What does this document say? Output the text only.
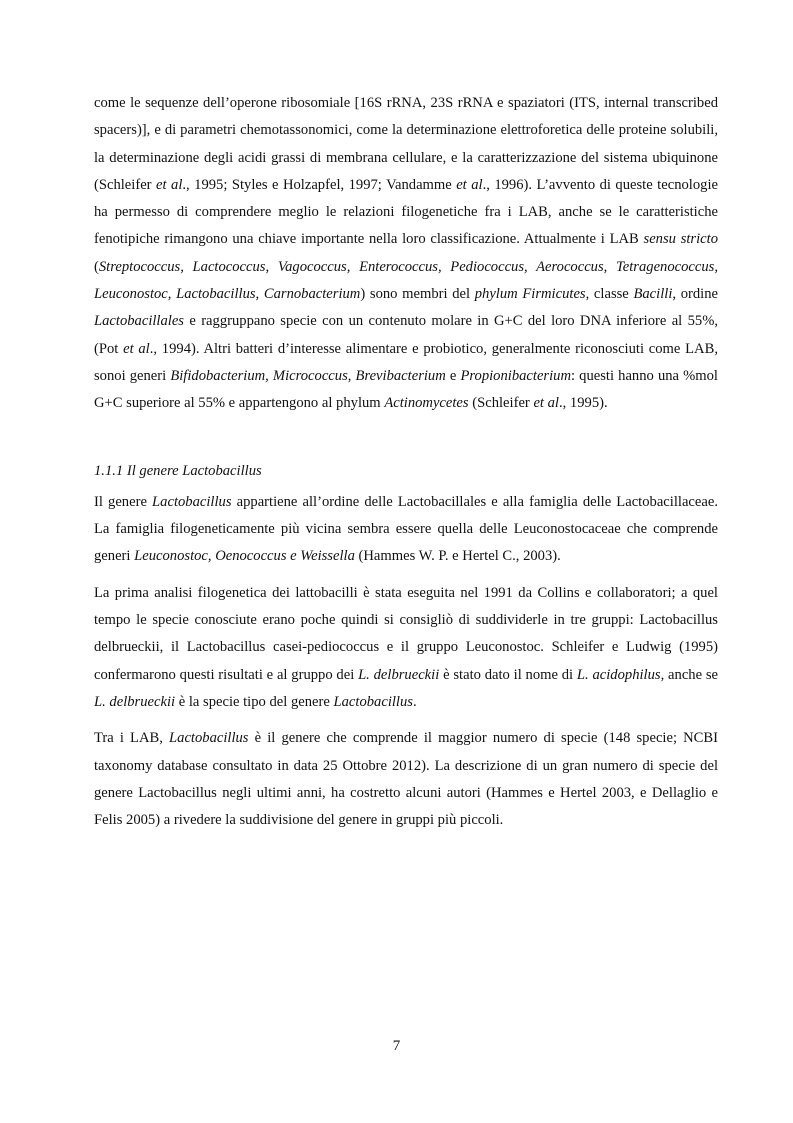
come le sequenze dell’operone ribosomiale [16S rRNA, 23S rRNA e spaziatori (ITS, internal transcribed spacers)], e di parametri chemotassonomici, come la determinazione elettroforetica delle proteine solubili, la determinazione degli acidi grassi di membrana cellulare, e la caratterizzazione del sistema ubiquinone (Schleifer et al., 1995; Styles e Holzapfel, 1997; Vandamme et al., 1996). L’avvento di queste tecnologie ha permesso di comprendere meglio le relazioni filogenetiche fra i LAB, anche se le caratteristiche fenotipiche rimangono una chiave importante nella loro classificazione. Attualmente i LAB sensu stricto (Streptococcus, Lactococcus, Vagococcus, Enterococcus, Pediococcus, Aerococcus, Tetragenococcus, Leuconostoc, Lactobacillus, Carnobacterium) sono membri del phylum Firmicutes, classe Bacilli, ordine Lactobacillales e raggruppano specie con un contenuto molare in G+C del loro DNA inferiore al 55%, (Pot et al., 1994). Altri batteri d’interesse alimentare e probiotico, generalmente riconosciuti come LAB, sonoi generi Bifidobacterium, Micrococcus, Brevibacterium e Propionibacterium: questi hanno una %mol G+C superiore al 55% e appartengono al phylum Actinomycetes (Schleifer et al., 1995).

1.1.1 Il genere Lactobacillus

Il genere Lactobacillus appartiene all’ordine delle Lactobacillales e alla famiglia delle Lactobacillaceae. La famiglia filogeneticamente più vicina sembra essere quella delle Leuconostocaceae che comprende generi Leuconostoc, Oenococcus e Weissella (Hammes W. P. e Hertel C., 2003).

La prima analisi filogenetica dei lattobacilli è stata eseguita nel 1991 da Collins e collaboratori; a quel tempo le specie conosciute erano poche quindi si consigliò di suddividerle in tre gruppi: Lactobacillus delbrueckii, il Lactobacillus casei-pediococcus e il gruppo Leuconostoc. Schleifer e Ludwig (1995) confermarono questi risultati e al gruppo dei L. delbrueckii è stato dato il nome di L. acidophilus, anche se L. delbrueckii è la specie tipo del genere Lactobacillus.

Tra i LAB, Lactobacillus è il genere che comprende il maggior numero di specie (148 specie; NCBI taxonomy database consultato in data 25 Ottobre 2012). La descrizione di un gran numero di specie del genere Lactobacillus negli ultimi anni, ha costretto alcuni autori (Hammes e Hertel 2003, e Dellaglio e Felis 2005) a rivedere la suddivisione del genere in gruppi più piccoli.

7
